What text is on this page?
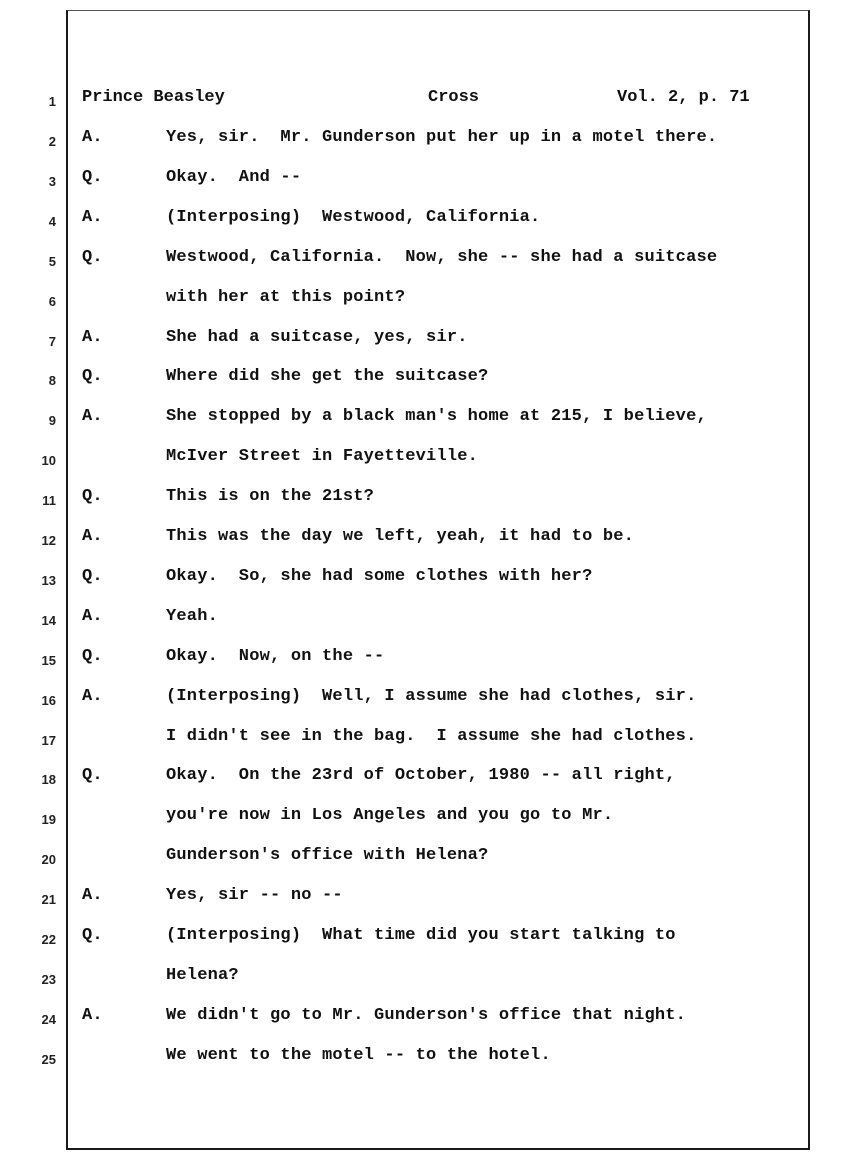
1 Prince Beasley	Cross	Vol. 2, p. 71
2 A.	Yes, sir.  Mr. Gunderson put her up in a motel there.
3 Q.	Okay.  And --
4 A.	(Interposing)  Westwood, California.
5 Q.	Westwood, California.  Now, she -- she had a suitcase
6	with her at this point?
7 A.	She had a suitcase, yes, sir.
8 Q.	Where did she get the suitcase?
9 A.	She stopped by a black man's home at 215, I believe,
10	McIver Street in Fayetteville.
11 Q.	This is on the 21st?
12 A.	This was the day we left, yeah, it had to be.
13 Q.	Okay.  So, she had some clothes with her?
14 A.	Yeah.
15 Q.	Okay.  Now, on the --
16 A.	(Interposing)  Well, I assume she had clothes, sir.
17	I didn't see in the bag.  I assume she had clothes.
18 Q.	Okay.  On the 23rd of October, 1980 -- all right,
19	you're now in Los Angeles and you go to Mr.
20	Gunderson's office with Helena?
21 A.	Yes, sir -- no --
22 Q.	(Interposing)  What time did you start talking to
23	Helena?
24 A.	We didn't go to Mr. Gunderson's office that night.
25	We went to the motel -- to the hotel.
